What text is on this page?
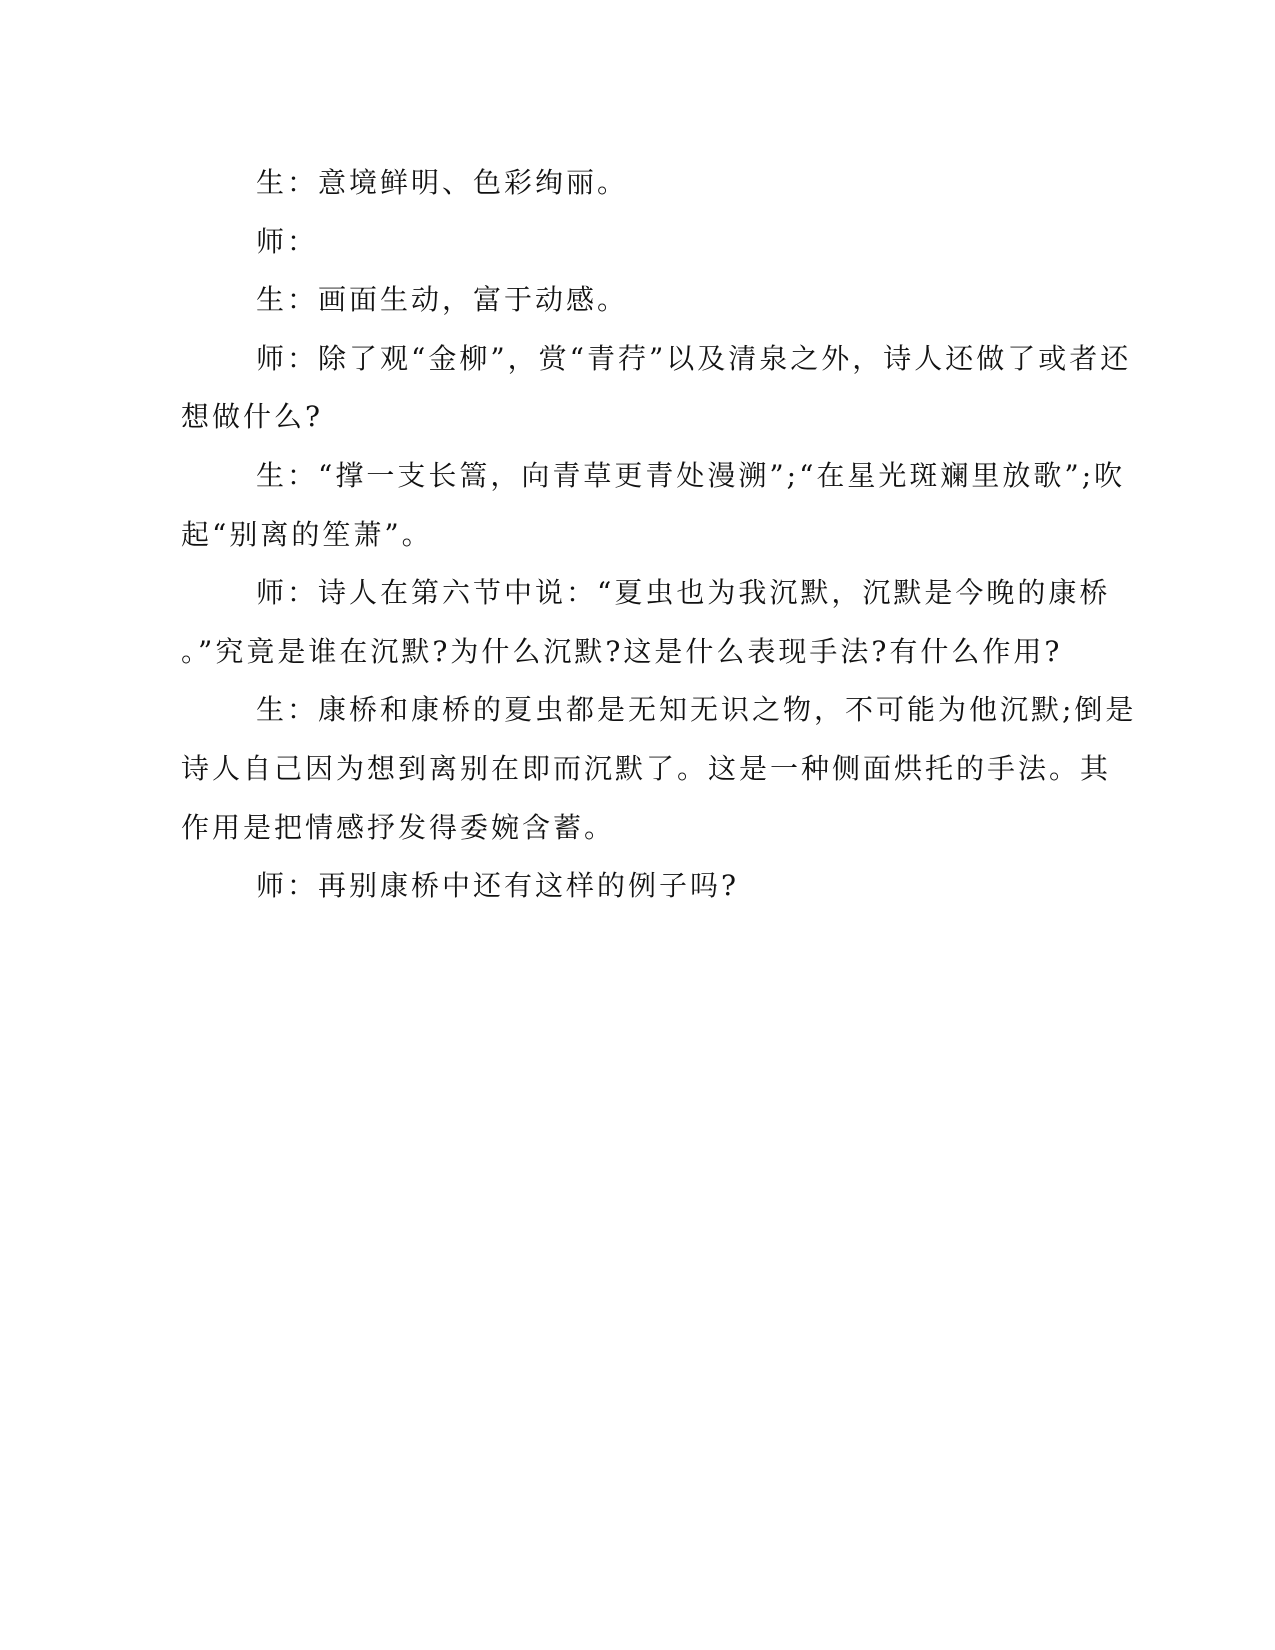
生：意境鲜明、色彩绚丽。
师：
生：画面生动，富于动感。
师：除了观“金柳”，赏“青荇”以及清泉之外，诗人还做了或者还
想做什么?
生：“撑一支长篙，向青草更青处漫溯”;“在星光斑斓里放歌”;吹
起“别离的笙萧”。
师：诗人在第六节中说：“夏虫也为我沉默，沉默是今晚的康桥
。”究竟是谁在沉默?为什么沉默?这是什么表现手法?有什么作用?
生：康桥和康桥的夏虫都是无知无识之物，不可能为他沉默;倒是
诗人自己因为想到离别在即而沉默了。这是一种侧面烘托的手法。其
作用是把情感抒发得委婉含蓄。
师：再别康桥中还有这样的例子吗?
